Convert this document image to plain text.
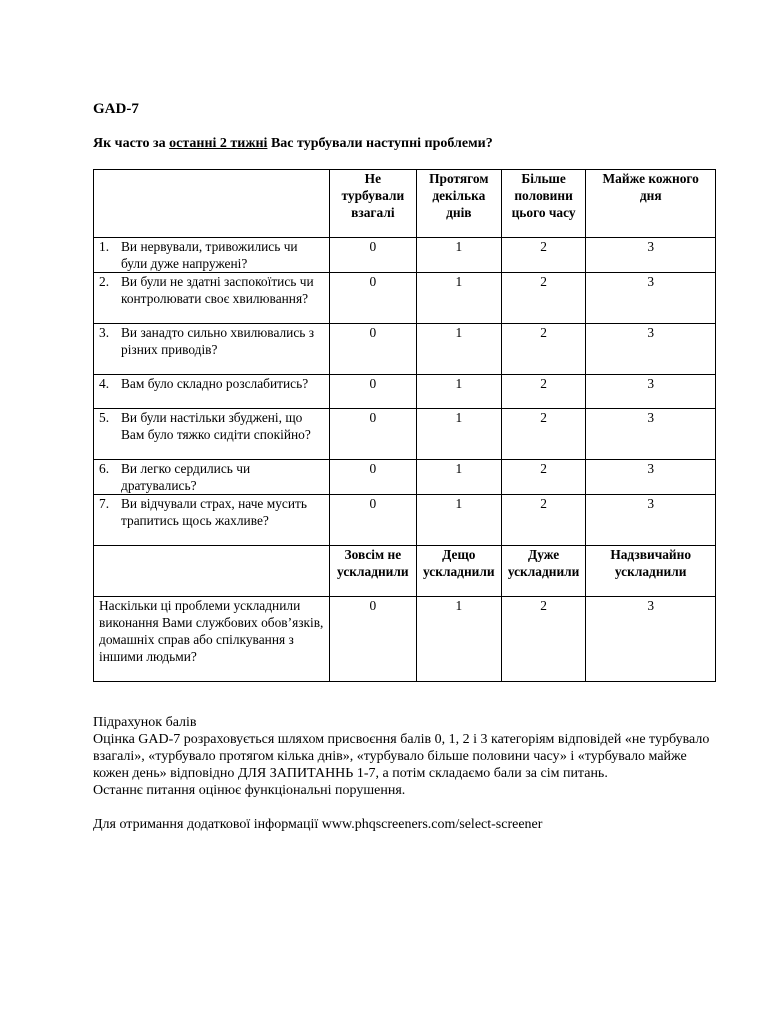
GAD-7
Як часто за останні 2 тижні Вас турбували наступні проблеми?
	Не турбували взагалі	Протягом декілька днів	Більше половини цього часу	Майже кожного дня

1. Ви нервували, тривожились чи були дуже напружені?	0	1	2	3

2. Ви були не здатні заспокоїтись чи контролювати своє хвилювання?	0	1	2	3

3. Ви занадто сильно хвилювались з різних приводів?	0	1	2	3

4. Вам було складно розслабитись?	0	1	2	3

5. Ви були настільки збуджені, що Вам було тяжко сидіти спокійно?	0	1	2	3

6. Ви легко сердились чи дратувались?	0	1	2	3

7. Ви відчували страх, наче мусить трапитись щось жахливе?	0	1	2	3
	Зовсім не ускладнили	Дещо ускладнили	Дуже ускладнили	Надзвичайно ускладнили
Наскільки ці проблеми ускладнили виконання Вами службових обов’язків, домашніх справ або спілкування з іншими людьми?	0	1	2	3

Підрахунок балів

Оцінка GAD-7 розраховується шляхом присвоєння балів 0, 1, 2 і 3 категоріям відповідей «не турбувало взагалі», «турбувало протягом кілька днів», «турбувало більше половини часу» і «турбувало майже кожен день» відповідно ДЛЯ ЗАПИТАННЬ 1-7, а потім складаємо бали за сім питань.

Останнє питання оцінює функціональні порушення.

Для отримання додаткової інформації www.phqscreeners.com/select-screener
